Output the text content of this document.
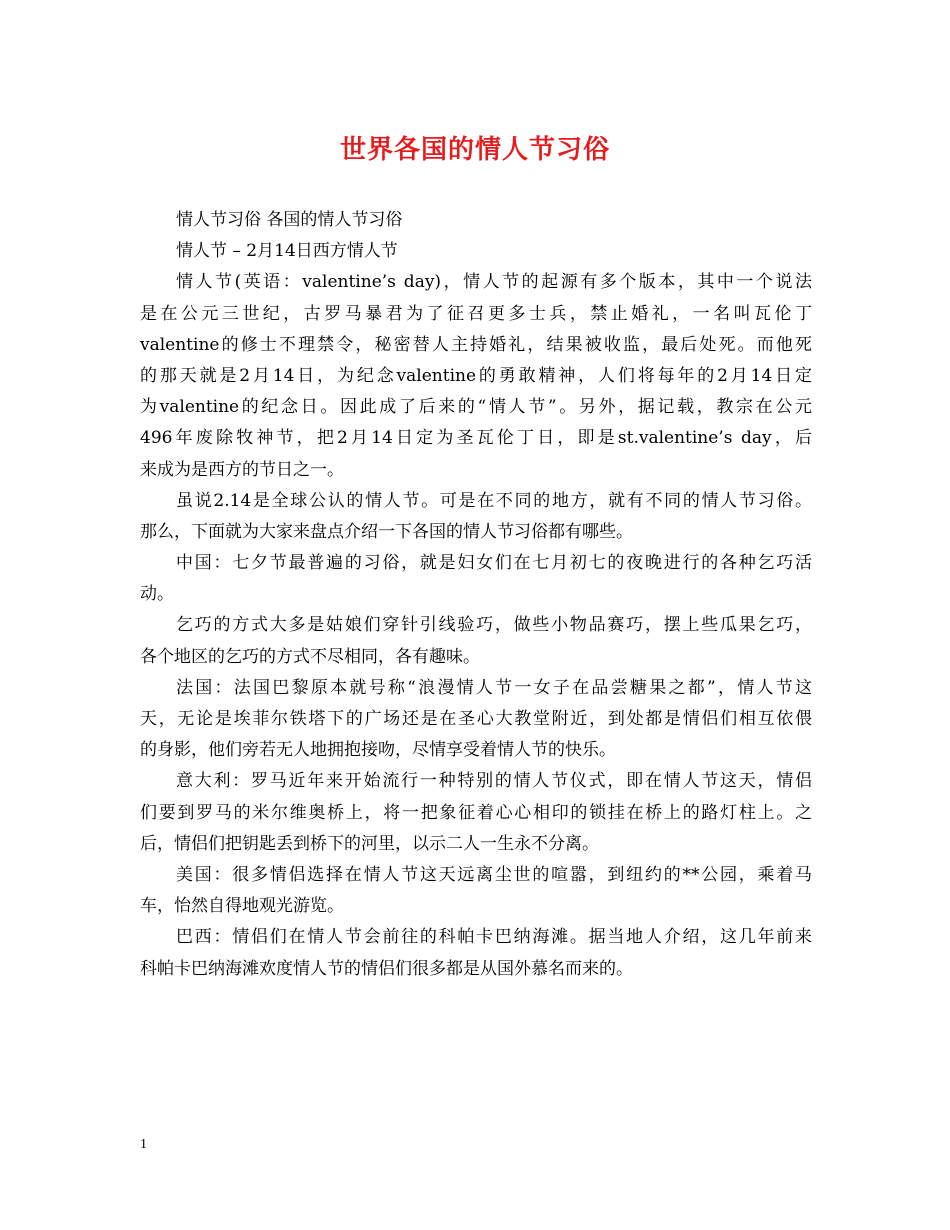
世界各国的情人节习俗
情人节习俗 各国的情人节习俗
情人节 – 2月14日西方情人节
情人节(英语：valentine’s day)，情人节的起源有多个版本，其中一个说法
是在公元三世纪，古罗马暴君为了征召更多士兵，禁止婚礼，一名叫瓦伦丁
valentine的修士不理禁令，秘密替人主持婚礼，结果被收监，最后处死。而他死
的那天就是2月14日，为纪念valentine的勇敢精神，人们将每年的2月14日定
为valentine的纪念日。因此成了后来的“情人节”。另外，据记载，教宗在公元
496年废除牧神节，把2月14日定为圣瓦伦丁日，即是st.valentine’s day，后
来成为是西方的节日之一。
虽说2.14是全球公认的情人节。可是在不同的地方，就有不同的情人节习俗。
那么，下面就为大家来盘点介绍一下各国的情人节习俗都有哪些。
中国：七夕节最普遍的习俗，就是妇女们在七月初七的夜晚进行的各种乞巧活
动。
乞巧的方式大多是姑娘们穿针引线验巧，做些小物品赛巧，摆上些瓜果乞巧，
各个地区的乞巧的方式不尽相同，各有趣味。
法国：法国巴黎原本就号称“浪漫情人节一女子在品尝糖果之都”，情人节这
天，无论是埃菲尔铁塔下的广场还是在圣心大教堂附近，到处都是情侣们相互依偎
的身影，他们旁若无人地拥抱接吻，尽情享受着情人节的快乐。
意大利：罗马近年来开始流行一种特别的情人节仪式，即在情人节这天，情侣
们要到罗马的米尔维奥桥上，将一把象征着心心相印的锁挂在桥上的路灯柱上。之
后，情侣们把钥匙丢到桥下的河里，以示二人一生永不分离。
美国：很多情侣选择在情人节这天远离尘世的喧嚣，到纽约的**公园，乘着马
车，怡然自得地观光游览。
巴西：情侣们在情人节会前往的科帕卡巴纳海滩。据当地人介绍，这几年前来
科帕卡巴纳海滩欢度情人节的情侣们很多都是从国外慕名而来的。
1
